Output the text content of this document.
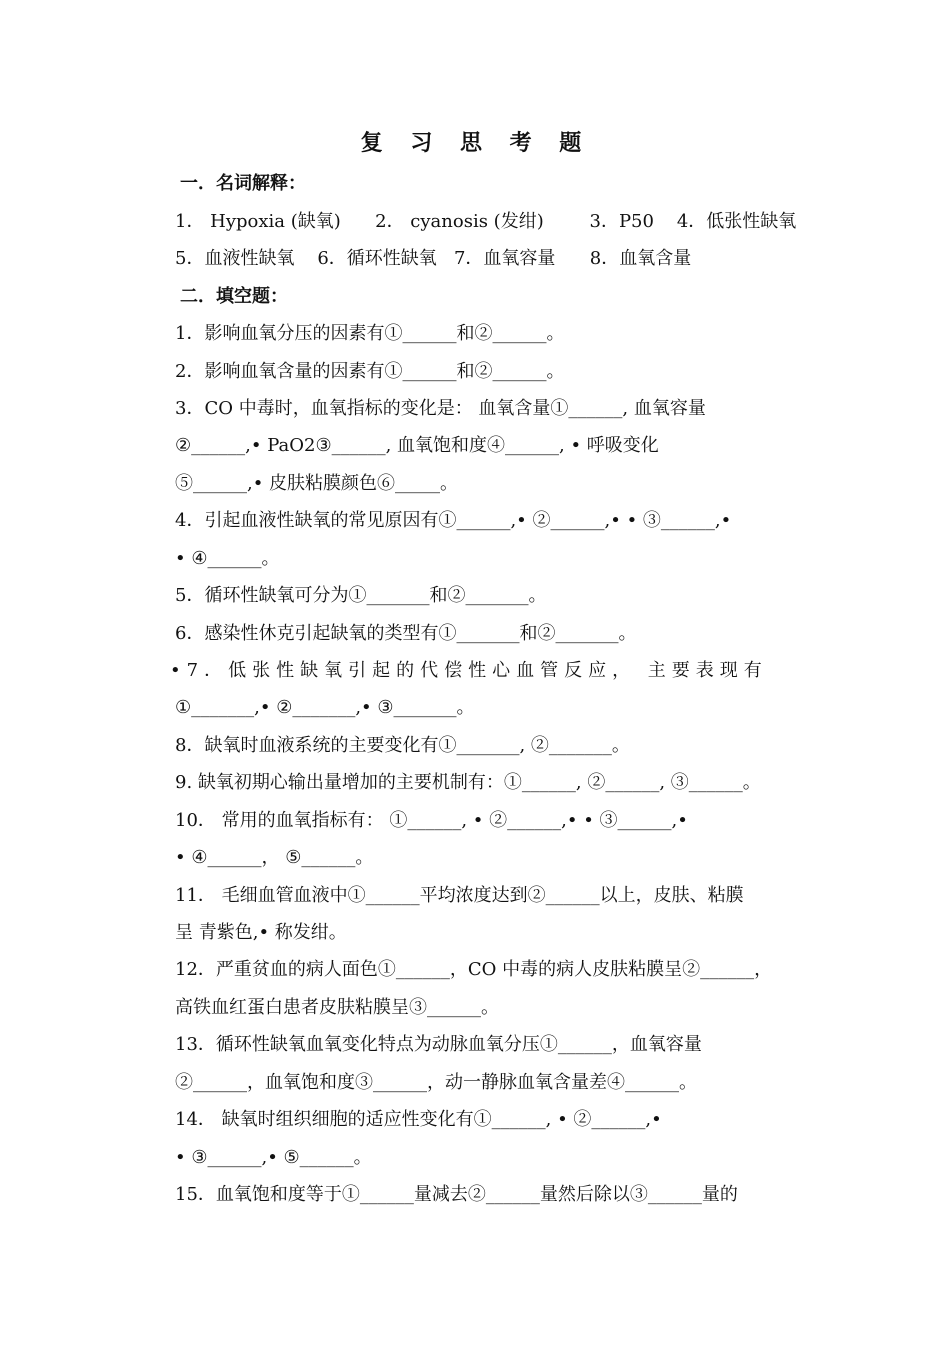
复 习 思 考 题
一．名词解释：
1． Hypoxia (缺氧)      2． cyanosis (发绀)        3．P50    4．低张性缺氧
5．血液性缺氧    6．循环性缺氧   7．血氧容量      8．血氧含量
二．填空题：
1．影响血氧分压的因素有①______和②______。
2．影响血氧含量的因素有①______和②______。
3．CO 中毒时，血氧指标的变化是： 血氧含量①______, 血氧容量
②______,• PaO2③______, 血氧饱和度④______, • 呼吸变化
⑤______,• 皮肤粘膜颜色⑥_____。
4．引起血液性缺氧的常见原因有①______,• ②______,• • ③______,•
• ④______。
5．循环性缺氧可分为①_______和②_______。
6．感染性休克引起缺氧的类型有①_______和②_______。
•7．低张性缺氧引起的代偿性心血管反应， 主要表现有
①_______,• ②_______,• ③_______。
8．缺氧时血液系统的主要变化有①_______, ②_______。
9. 缺氧初期心输出量增加的主要机制有：①______, ②______, ③______。
10． 常用的血氧指标有： ①______, • ②______,• • ③______,•
• ④______， ⑤______。
11． 毛细血管血液中①______平均浓度达到②______以上，皮肤、粘膜
呈 青紫色,• 称发绀。
12．严重贫血的病人面色①______，CO 中毒的病人皮肤粘膜呈②______，
高铁血红蛋白患者皮肤粘膜呈③______。
13．循环性缺氧血氧变化特点为动脉血氧分压①______，血氧容量
②______，血氧饱和度③______，动一静脉血氧含量差④______。
14． 缺氧时组织细胞的适应性变化有①______, • ②______,•
• ③______,• ⑤______。
15．血氧饱和度等于①______量减去②______量然后除以③______量的
